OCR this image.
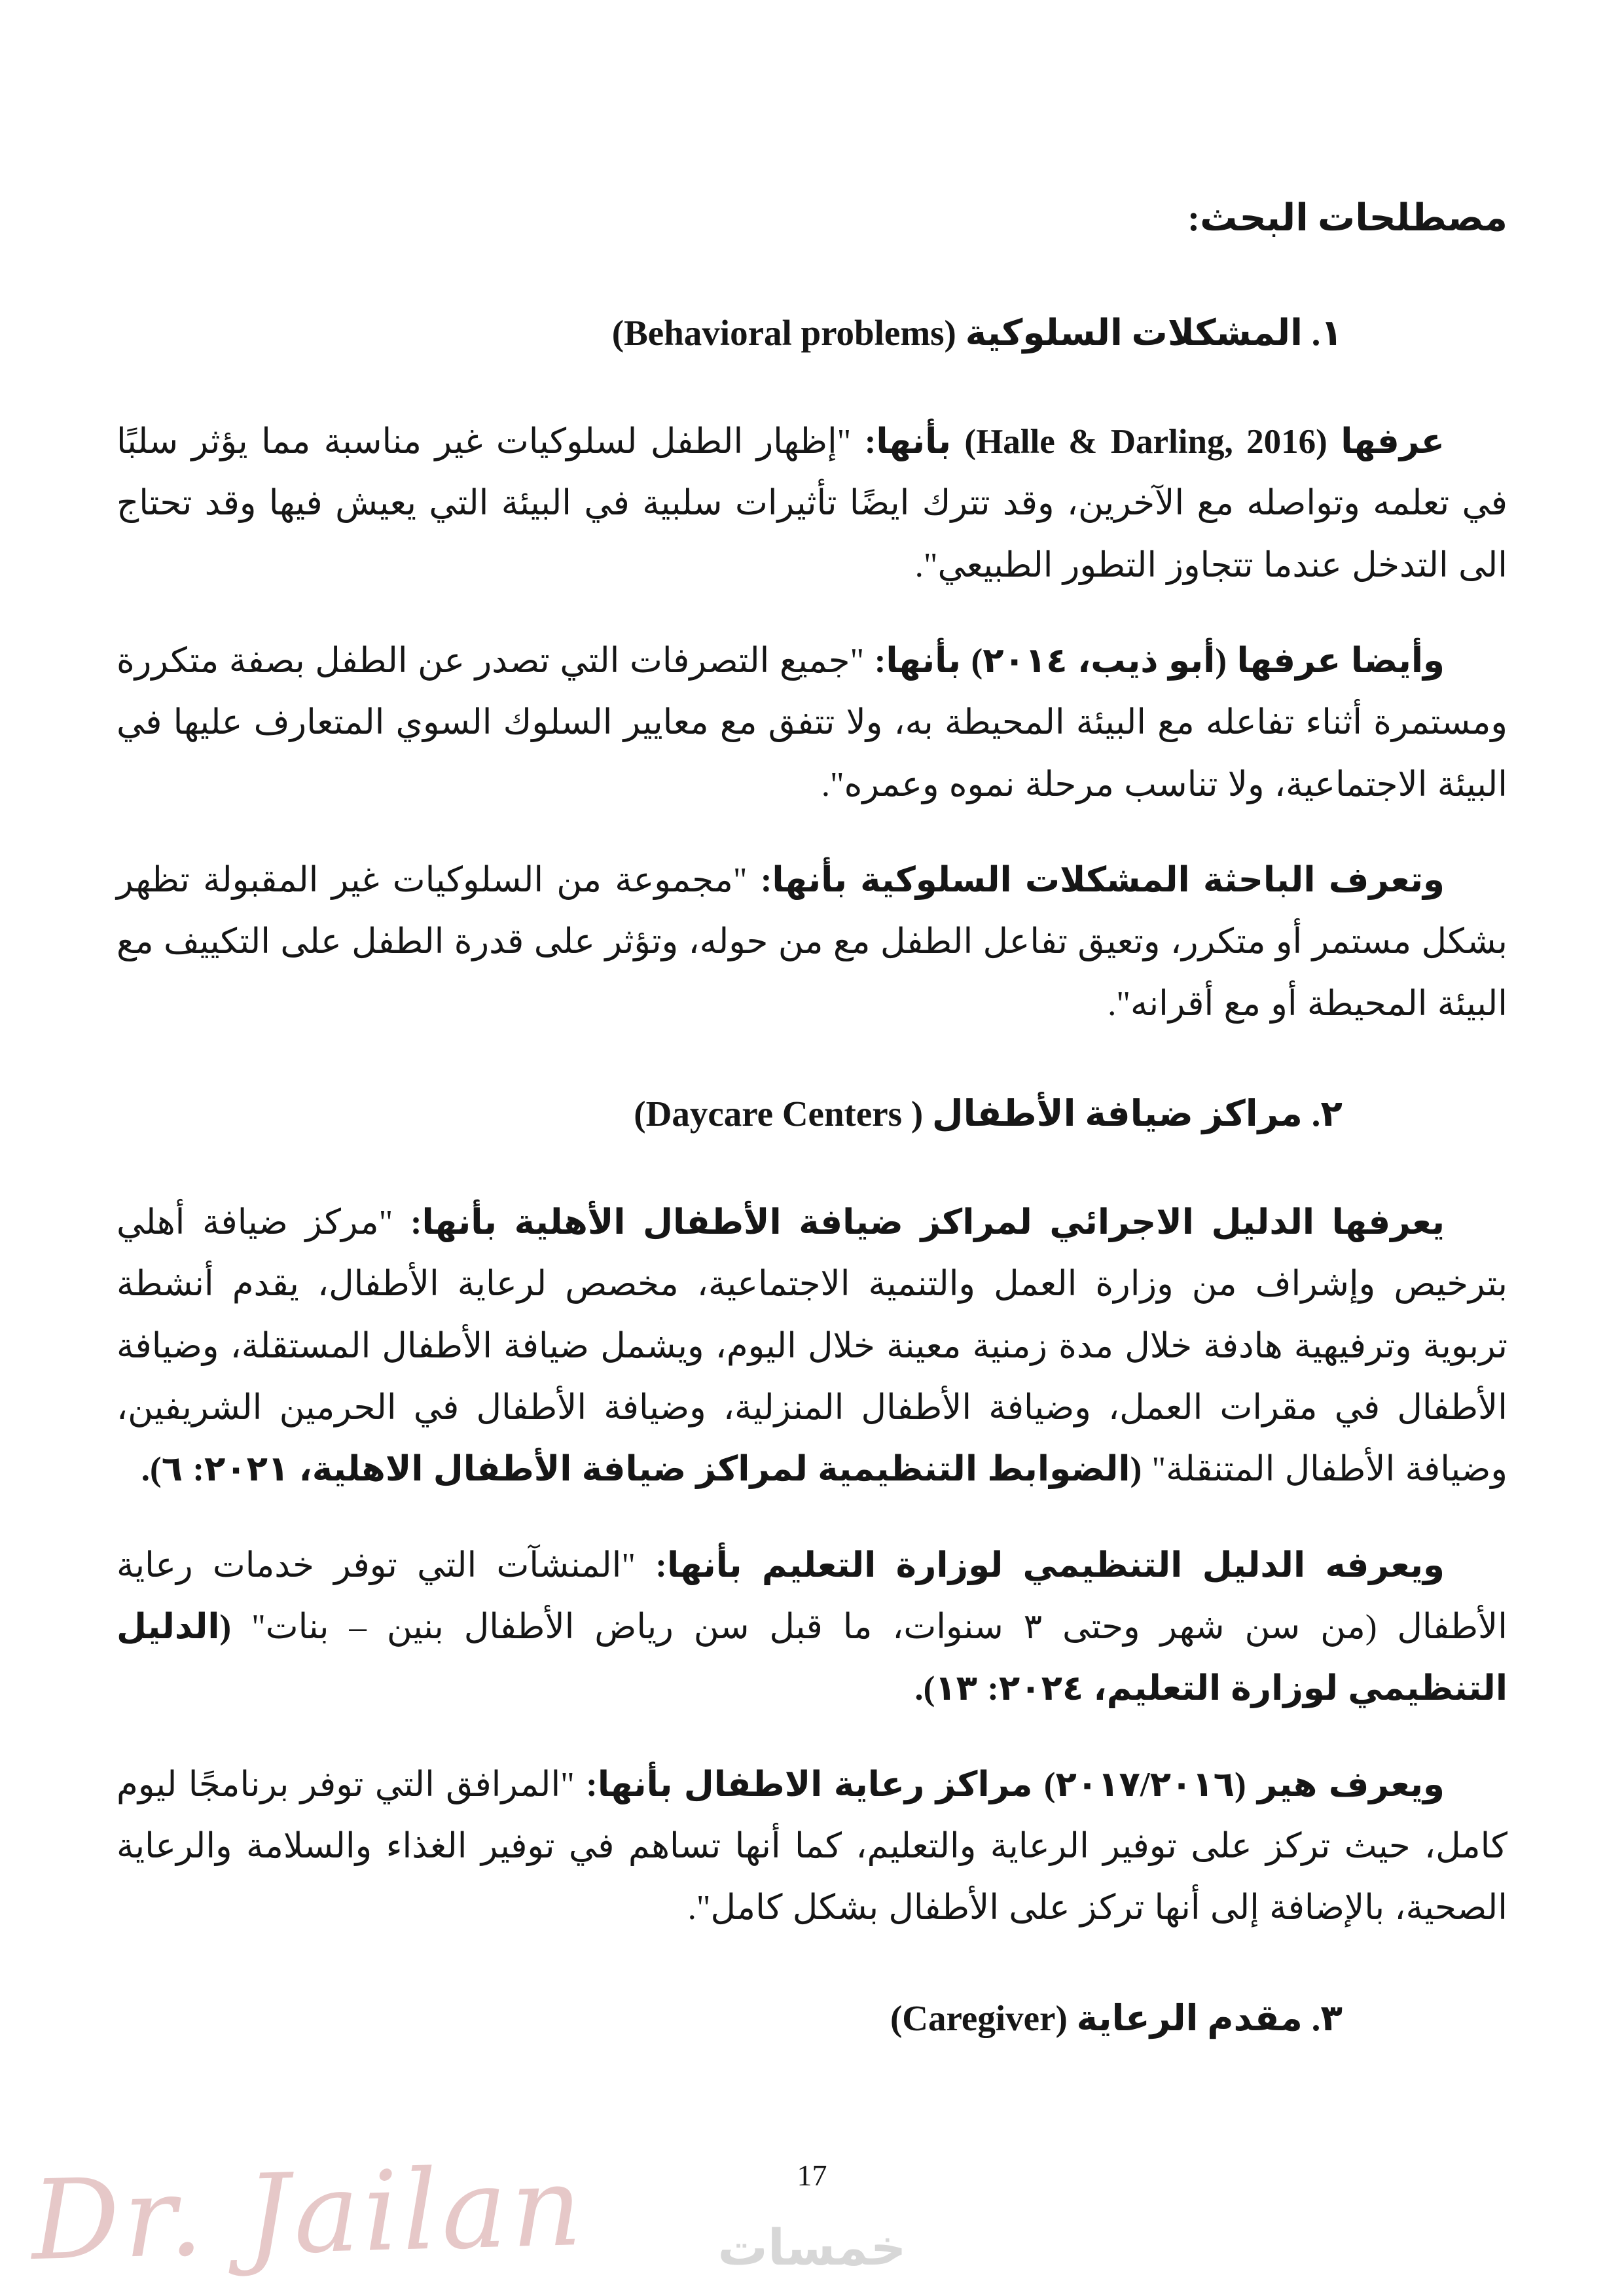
مصطلحات البحث:
١. المشكلات السلوكية (Behavioral problems)

عرفها (Halle & Darling, 2016) بأنها: "إظهار الطفل لسلوكيات غير مناسبة مما يؤثر سلبًا في تعلمه وتواصله مع الآخرين، وقد تترك ايضًا تأثيرات سلبية في البيئة التي يعيش فيها وقد تحتاج الى التدخل عندما تتجاوز التطور الطبيعي".

وأيضا عرفها (أبو ذيب، ٢٠١٤) بأنها: "جميع التصرفات التي تصدر عن الطفل بصفة متكررة ومستمرة أثناء تفاعله مع البيئة المحيطة به، ولا تتفق مع معايير السلوك السوي المتعارف عليها في البيئة الاجتماعية، ولا تناسب مرحلة نموه وعمره".

وتعرف الباحثة المشكلات السلوكية بأنها: "مجموعة من السلوكيات غير المقبولة تظهر بشكل مستمر أو متكرر، وتعيق تفاعل الطفل مع من حوله، وتؤثر على قدرة الطفل على التكييف مع البيئة المحيطة أو مع أقرانه".

٢. مراكز ضيافة الأطفال ( Daycare Centers)

يعرفها الدليل الاجرائي لمراكز ضيافة الأطفال الأهلية بأنها: "مركز ضيافة أهلي بترخيص وإشراف من وزارة العمل والتنمية الاجتماعية، مخصص لرعاية الأطفال، يقدم أنشطة تربوية وترفيهية هادفة خلال مدة زمنية معينة خلال اليوم، ويشمل ضيافة الأطفال المستقلة، وضيافة الأطفال في مقرات العمل، وضيافة الأطفال المنزلية، وضيافة الأطفال في الحرمين الشريفين، وضيافة الأطفال المتنقلة" (الضوابط التنظيمية لمراكز ضيافة الأطفال الاهلية، ٢٠٢١: ٦).

ويعرفه الدليل التنظيمي لوزارة التعليم بأنها: "المنشآت التي توفر خدمات رعاية الأطفال (من سن شهر وحتى ٣ سنوات، ما قبل سن رياض الأطفال بنين – بنات" (الدليل التنظيمي لوزارة التعليم، ٢٠٢٤: ١٣).

ويعرف هير (٢٠١٧/٢٠١٦) مراكز رعاية الاطفال بأنها: "المرافق التي توفر برنامجًا ليوم كامل، حيث تركز على توفير الرعاية والتعليم، كما أنها تساهم في توفير الغذاء والسلامة والرعاية الصحية، بالإضافة إلى أنها تركز على الأطفال بشكل كامل".

٣. مقدم الرعاية (Caregiver)
17
Dr. Jailan	خمسات
